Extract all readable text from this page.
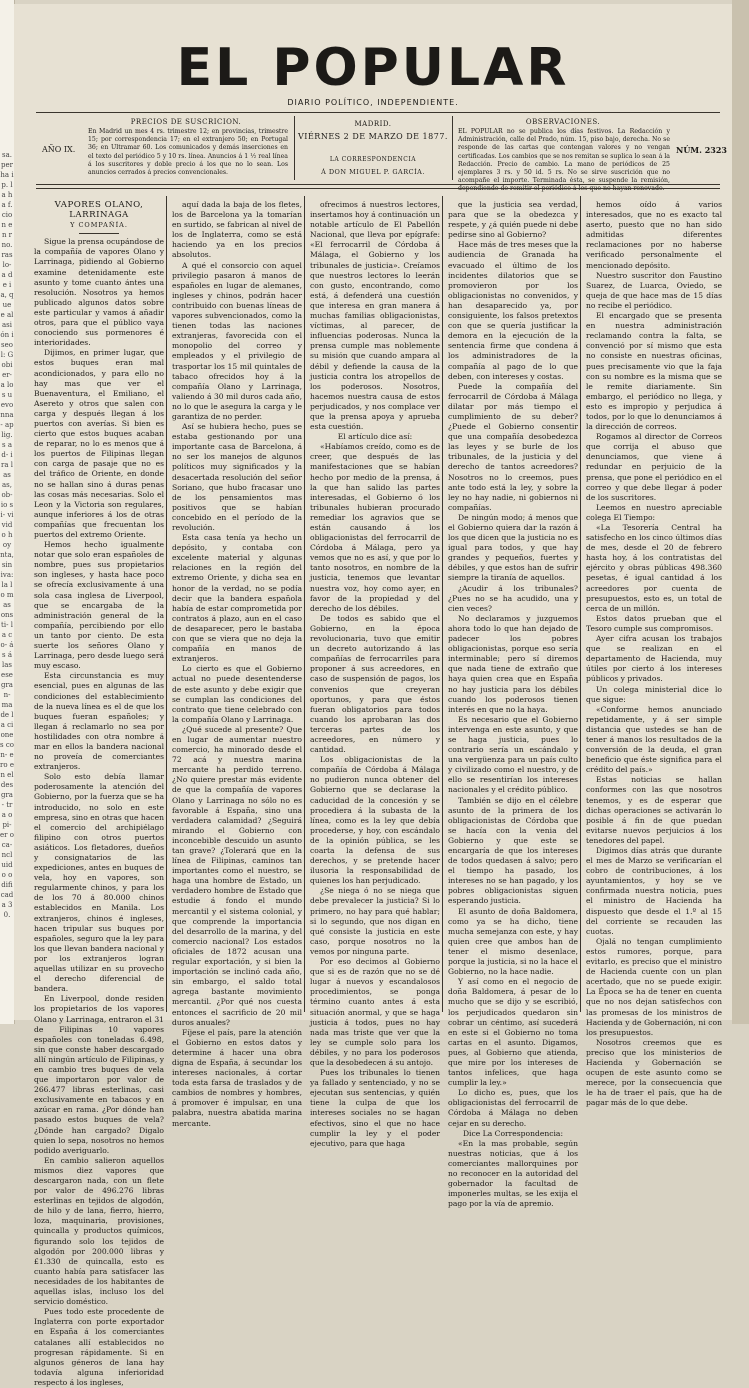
sa. per ha i p. la ha f. cion en rno. ras lo- a de ia, que e al asión i seol: Gobier- a los uevo nna- aplig. s ad- ira las as, ob- io si- vivido hoy nta, sin iva: la lo mas onsti- la co- ás á las ese gran- ma de la ciones con- ero en el desgra- tra opi- er oca- ncluido odificada 30.
EL POPULAR
DIARIO POLÍTICO, INDEPENDIENTE.
AÑO IX.
PRECIOS DE SUSCRICION.
En Madrid un mes 4 rs. trimestre 12; en provincias, trimestre 15; por correspondencia 17; en el extranjero 50; en Portugal 36; en Ultramar 60. Los comunicados y demás inserciones en el texto del periódico 5 y 10 rs. línea. Anuncios á 1 ½ real línea á los suscritores y doble precio á los que no lo sean. Los anuncios cerrados á precios convencionales.
MADRID.
VIÉRNES 2 DE MARZO DE 1877.
LA CORRESPONDENCIA
Á DON MIGUEL P. GARCÍA.
OBSERVACIONES.
EL POPULAR no se publica los días festivos. La Redacción y Administración, calle del Prado, núm. 15, piso bajo, derecha. No se responde de las cartas que contengan valores y no vengan certificadas. Los cambios que se nos remitan se suplica lo sean á la Redacción. Precio de cambio. La mano de periódicos de 25 ejemplares 3 rs. y 50 id. 5 rs. No se sirve suscrición que no acompañe el importe. Terminada ésta, se suspende la remisión, dependiendo de remitir el periódico á los que no hayan renovado.
NÚM. 2323
VAPORES OLANO, LARRINAGA
Y COMPAÑÍA.

Sigue la prensa ocupándose de la compañía de vapores Olano y Larrinaga, pidiendo al Gobierno examine detenidamente este asunto y tome cuanto ántes una resolución. Nosotros ya hemos publicado algunos datos sobre este particular y vamos á añadir otros, para que el público vaya conociendo sus pormenores é interioridades.

Dijimos, en primer lugar, que estos buques eran mal acondicionados, y para ello no hay mas que ver el Buenaventura, el Emiliano, el Asereto y otros que salen con carga y después llegan á los puertos con averías. Si bien es cierto que estos buques acaban de reparar, no lo es menos que á los puertos de Filipinas llegan con carga de pasaje que no es del tráfico de Oriente, en donde no se hallan sino á duras penas las cosas más necesarias. Solo el Leon y la Victoria son regulares, aunque inferiores á los de otras compañías que frecuentan los puertos del extremo Oriente.

Hemos hecho igualmente notar que solo eran españoles de nombre, pues sus propietarios son ingleses, y hasta hace poco se ofrecía exclusivamente á una sola casa inglesa de Liverpool, que se encargaba de la administración general de la compañía, percibiendo por ello un tanto por ciento. De esta suerte los señores Olano y Larrinaga, pero desde luego será muy escaso.

Esta circunstancia es muy esencial, pues en algunas de las condiciones del establecimiento de la nueva línea es el de que los buques fueran españoles; y llegan á reclamarlo no sea por hostilidades con otra nombre á mar en ellos la bandera nacional no proveía de comerciantes extranjeros.

Solo esto debía llamar poderosamente la atención del Gobierno, por la fuerza que se ha introducido, no solo en este empresa, sino en otras que hacen el comercio del archipiélago filipino con otros puertos asiáticos. Los fletadores, dueños y consignatarios de las expediciones, antes en buques de vela, hoy en vapores, son regularmente chinos, y para los de los 70 á 80.000 chinos establecidos en Manila. Los extranjeros, chinos é ingleses, hacen tripular sus buques por españoles, seguro que la ley para los que llevan bandera nacional y por los extranjeros logran aquellas utilizar en su provecho el derecho diferencial de bandera.

En Liverpool, donde residen los propietarios de los vapores Olano y Larrinaga, entraron el 31 de Filipinas 10 vapores españoles con toneladas 6.498, sin que conste haber descargado allí ningún artículo de Filipinas, y en cambio tres buques de vela que importaron por valor de 266.477 libras esterlinas, casi exclusivamente en tabacos y en azúcar en rama. ¿Por dónde han pasado estos buques de vela? ¿Dónde han cargado? Digalo quien lo sepa, nosotros no hemos podido averiguarlo.

En cambio salieron aquellos mismos diez vapores que descargaron nada, con un flete por valor de 496.276 libras esterlinas en tejidos de algodón, de hilo y de lana, fierro, hierro, loza, maquinaria, provisiones, quincalla y productos químicos, figurando solo los tejidos de algodón por 200.000 libras y £1.330 de quincalla, esto es cuanto había para satisfacer las necesidades de los habitantes de aquellas islas, incluso los del servicio doméstico.

Pues todo este procedente de Inglaterra con porte exportador en España á los comerciantes catalanes allí establecidos no progresan rápidamente. Si en algunos géneros de lana hay todavía alguna inferioridad respecto á los ingleses,

aquí dada la baja de los fletes, los de Barcelona ya la tomarían en surtido, se fabrican al nivel de los de Inglaterra, como se está haciendo ya en los precios absolutos.

A qué el consorcio con aquel privilegio pasaron á manos de españoles en lugar de alemanes, ingleses y chinos, podrán hacer contribuido con buenas líneas de vapores subvencionados, como la tienen todas las naciones extranjeras, favorecida con el monopolio del correo y empleados y el privilegio de trasportar los 15 mil quintales de tabaco ofrecidos hoy á la compañía Olano y Larrinaga, valiendo á 30 mil duros cada año, no lo que le asegura la carga y le garantiza de no perder.

Así se hubiera hecho, pues se estaba gestionando por una importante casa de Barcelona, á no ser los manejos de algunos políticos muy significados y la desacertada resolución del señor Soriano, que hubo fracasar uno de los pensamientos mas positivos que se habían concebido en el período de la revolución.

Esta casa tenía ya hecho un depósito, y contaba con excelente material y algunas relaciones en la región del extremo Oriente, y dicha sea en honor de la verdad, no se podía decir que la bandera española había de estar comprometida por contratos á plazo, aun en el caso de desaparecer, pero le bastaba con que se viera que no deja la compañía en manos de extranjeros.

Lo cierto es que el Gobierno actual no puede desentenderse de este asunto y debe exigir que se cumplan las condiciones del contrato que tiene celebrado con la compañía Olano y Larrinaga.

¿Qué sucede al presente? Que en lugar de aumentar nuestro comercio, ha minorado desde el 72 acá y nuestra marina mercante ha perdido terreno. ¿No quiere prestar más evidente de que la compañía de vapores Olano y Larrinaga no sólo no es favorable á España, sino una verdadera calamidad? ¿Seguirá mirando el Gobierno con inconcebible descuido un asunto tan grave? ¿Tolerará que en la línea de Filipinas, caminos tan importantes como el nuestro, se haga una hombre de Estado, un verdadero hombre de Estado que estudie á fondo el mundo mercantil y el sistema colonial, y que comprende la importancia del desarrollo de la marina, y del comercio nacional? Los estados oficiales de 1872 acusan una regular exportación, y si bien la importación se inclinó cada año, sin embargo, el saldo total agrega bastante movimiento mercantil. ¿Por qué nos cuesta entonces el sacrificio de 20 mil duros anuales?

Fíjese el país, pare la atención el Gobierno en estos datos y determine á hacer una obra digna de España, á secundar los intereses nacionales, á cortar toda esta farsa de traslados y de cambios de nombres y hombres, á promover é impulsar, en una palabra, nuestra abatida marina mercante.

ofrecimos á nuestros lectores, insertamos hoy á continuación un notable artículo de El Pabellón Nacional, que lleva por epígrafe: «El ferrocarril de Córdoba á Málaga, el Gobierno y los tribunales de justicia». Creíamos que nuestros lectores lo leerán con gusto, encontrando, como está, á defenderá una cuestión que interesa en gran manera á muchas familias obligacionistas, víctimas, al parecer, de influencias poderosas. Nunca la prensa cumple mas noblemente su misión que cuando ampara al débil y defiende la causa de la justicia contra los atropellos de los poderosos. Nosotros, hacemos nuestra causa de estos perjudicados, y nos complace ver que la prensa apoya y aprueba esta cuestión.

El artículo dice así:

«Habíamos creído, como es de creer, que después de las manifestaciones que se habían hecho por medio de la prensa, á la que han salido las partes interesadas, el Gobierno ó los tribunales hubieran procurado remediar los agravios que se están causando á los obligacionistas del ferrocarril de Córdoba á Málaga, pero ya vemos que no es así, y que por lo tanto nosotros, en nombre de la justicia, tenemos que levantar nuestra voz, hoy como ayer, en favor de la propiedad y del derecho de los débiles.

De todos es sabido que el Gobierno, en la época revolucionaria, tuvo que emitir un decreto autorizando á las compañías de ferrocarriles para proponer á sus acreedores, en caso de suspensión de pagos, los convenios que creyeran oportunos, y para que éstos fueran obligatorios para todos cuando los aprobaran las dos terceras partes de los acreedores, en número y cantidad.

Los obligacionistas de la compañía de Córdoba á Málaga no pudieron nunca obtener del Gobierno que se declarase la caducidad de la concesión y se procediera á la subasta de la línea, como es la ley que debía procederse, y hoy, con escándalo de la opinión pública, se les coarta la defensa de sus derechos, y se pretende hacer ilusoria la responsabilidad de quienes los han perjudicado.

¿Se niega ó no se niega que debe prevalecer la justicia? Si lo primero, no hay para qué hablar; si lo segundo, que nos digan en qué consiste la justicia en este caso, porque nosotros no la vemos por ninguna parte.

Por eso decimos al Gobierno que si es de razón que no se dé lugar á nuevos y escandalosos procedimientos, se ponga término cuanto antes á esta situación anormal, y que se haga justicia á todos, pues no hay nada mas triste que ver que la ley se cumple solo para los débiles, y no para los poderosos que la desobedecen á su antojo.

Pues los tribunales lo tienen ya fallado y sentenciado, y no se ejecutan sus sentencias, y quién tiene la culpa de que los intereses sociales no se hagan efectivos, sino el que no hace cumplir la ley y el poder ejecutivo, para que haga

que la justicia sea verdad, para que se la obedezca y respete, y ¿á quién puede ni debe pedirse sino al Gobierno?

Hace más de tres meses que la audiencia de Granada ha evacuado el último de los incidentes dilatorios que se promovieron por los obligacionistas no convenidos, y han desaparecido ya, por consiguiente, los falsos pretextos con que se quería justificar la demora en la ejecución de la sentencia firme que condena á los administradores de la compañía al pago de lo que deben, con intereses y costas.

Puede la compañía del ferrocarril de Córdoba á Málaga dilatar por más tiempo el cumplimiento de su deber? ¿Puede el Gobierno consentir que una compañía desobedezca las leyes y se burle de los tribunales, de la justicia y del derecho de tantos acreedores? Nosotros no lo creemos, pues ante todo está la ley, y sobre la ley no hay nadie, ni gobiernos ni compañías.

De ningún modo; á menos que el Gobierno quiera dar la razón á los que dicen que la justicia no es igual para todos, y que hay grandes y pequeños, fuertes y débiles, y que estos han de sufrir siempre la tiranía de aquellos.

¿Acudir á los tribunales? ¿Pues no se ha acudido, una y cien veces?

No declaramos y juzguemos ahora todo lo que han dejado de padecer los pobres obligacionistas, porque eso sería interminable; pero sí diremos que nada tiene de extraño que haya quien crea que en España no hay justicia para los débiles cuando los poderosos tienen interés en que no la haya.

Es necesario que el Gobierno intervenga en este asunto, y que se haga justicia, pues lo contrario sería un escándalo y una vergüenza para un país culto y civilizado como el nuestro, y de ello se resentirían los intereses nacionales y el crédito público.

También se dijo en el célebre asunto de la primera de los obligacionistas de Córdoba que se hacía con la venia del Gobierno y que este se encargaría de que los intereses de todos quedasen á salvo; pero el tiempo ha pasado, los intereses no se han pagado, y los pobres obligacionistas siguen esperando justicia.

El asunto de doña Baldomera, como ya se ha dicho, tiene mucha semejanza con este, y hay quien cree que ambos han de tener el mismo desenlace, porque la justicia, si no la hace el Gobierno, no la hace nadie.

Y así como en el negocio de doña Baldomera, á pesar de lo mucho que se dijo y se escribió, los perjudicados quedaron sin cobrar un céntimo, así sucederá en este si el Gobierno no toma cartas en el asunto. Digamos, pues, al Gobierno que atienda, que mire por los intereses de tantos infelices, que haga cumplir la ley.»

Lo dicho es, pues, que los obligacionistas del ferrocarril de Córdoba á Málaga no deben cejar en su derecho.

Dice La Correspondencia:

«En la mas probable, según nuestras noticias, que á los comerciantes mallorquines por no reconocer en la autoridad del gobernador la facultad de imponerles multas, se les exija el pago por la vía de apremio.

hemos oído á varios interesados, que no es exacto tal aserto, puesto que no han sido admitidas diferentes reclamaciones por no haberse verificado personalmente el mencionado depósito.

Nuestro suscritor don Faustino Suarez, de Luarca, Oviedo, se queja de que hace mas de 15 días no recibe el periódico.

El encargado que se presenta en nuestra administración reclamando contra la falta, se convenció por sí mismo que esta no consiste en nuestras oficinas, pues precisamente vio que la faja con su nombre es la misma que se le remite diariamente. Sin embargo, el periódico no llega, y esto es impropio y perjudica á todos, por lo que lo denunciamos á la dirección de correos.

Rogamos al director de Correos que corrija el abuso que denunciamos, que viene á redundar en perjuicio de la prensa, que pone el periódico en el correo y que debe llegar á poder de los suscritores.

Leemos en nuestro apreciable colega El Tiempo:

«La Tesorería Central ha satisfecho en los cinco últimos días de mes, desde el 20 de febrero hasta hoy, á los contratistas del ejército y obras públicas 498.360 pesetas, é igual cantidad á los acreedores por cuenta de presupuestos, esto es, un total de cerca de un millón.

Estos datos prueban que el Tesoro cumple sus compromisos.

Ayer cifra acusan los trabajos que se realizan en el departamento de Hacienda, muy útiles por cierto á los intereses públicos y privados.

Un colega ministerial dice lo que sigue:

«Conforme hemos anunciado repetidamente, y á ser simple distancia que ustedes se han de tener á manos los resultados de la conversión de la deuda, el gran beneficio que éste significa para el crédito del país.»

Estas noticias se hallan conformes con las que nosotros tenemos, y es de esperar que dichas operaciones se activarán lo posible á fin de que puedan evitarse nuevos perjuicios á los tenedores del papel.

Digimos días atrás que durante el mes de Marzo se verificarían el cobro de contribuciones, á los ayuntamientos, y hoy se ve confirmada nuestra noticia, pues el ministro de Hacienda ha dispuesto que desde el 1.º al 15 del corriente se recauden las cuotas.

Ojalá no tengan cumplimiento estos rumores, porque, para evitarlo, es preciso que el ministro de Hacienda cuente con un plan acertado, que no se puede exigir. La Época se ha de tener en cuenta que no nos dejan satisfechos con las promesas de los ministros de Hacienda y de Gobernación, ni con los presupuestos.

Nosotros creemos que es preciso que los ministerios de Hacienda y Gobernación se ocupen de este asunto como se merece, por la consecuencia que le ha de traer el país, que ha de pagar más de lo que debe.
